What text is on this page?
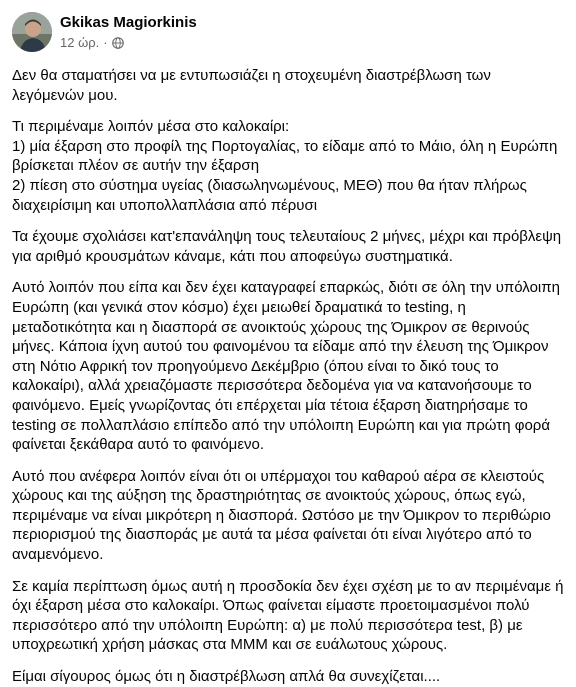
Gkikas Magiorkinis
12 ώρ. ·

Δεν θα σταματήσει να με εντυπωσιάζει η στοχευμένη διαστρέβλωση των λεγόμενών μου.

Τι περιμέναμε λοιπόν μέσα στο καλοκαίρι:
1) μία έξαρση στο προφίλ της Πορτογαλίας, το είδαμε από το Μάιο, όλη η Ευρώπη βρίσκεται πλέον σε αυτήν την έξαρση
2) πίεση στο σύστημα υγείας (διασωληνωμένους, ΜΕΘ) που θα ήταν πλήρως διαχειρίσιμη και υποπολλαπλάσια από πέρυσι

Τα έχουμε σχολιάσει κατ'επανάληψη τους τελευταίους 2 μήνες, μέχρι και πρόβλεψη για αριθμό κρουσμάτων κάναμε, κάτι που αποφεύγω συστηματικά.

Αυτό λοιπόν που είπα και δεν έχει καταγραφεί επαρκώς, διότι σε όλη την υπόλοιπη Ευρώπη (και γενικά στον κόσμο) έχει μειωθεί δραματικά το testing, η μεταδοτικότητα και η διασπορά σε ανοικτούς χώρους της Όμικρον σε θερινούς μήνες. Κάποια ίχνη αυτού του φαινομένου τα είδαμε από την έλευση της Όμικρον στη Νότιο Αφρική τον προηγούμενο Δεκέμβριο (όπου είναι το δικό τους το καλοκαίρι), αλλά χρειαζόμαστε περισσότερα δεδομένα για να κατανοήσουμε το φαινόμενο. Εμείς γνωρίζοντας ότι επέρχεται μία τέτοια έξαρση διατηρήσαμε το testing σε πολλαπλάσιο επίπεδο από την υπόλοιπη Ευρώπη και για πρώτη φορά φαίνεται ξεκάθαρα αυτό το φαινόμενο.

Αυτό που ανέφερα λοιπόν είναι ότι οι υπέρμαχοι του καθαρού αέρα σε κλειστούς χώρους και της αύξηση της δραστηριότητας σε ανοικτούς χώρους, όπως εγώ, περιμέναμε να είναι μικρότερη η διασπορά. Ωστόσο με την Όμικρον το περιθώριο περιορισμού της διασποράς με αυτά τα μέσα φαίνεται ότι είναι λιγότερο από το αναμενόμενο.

Σε καμία περίπτωση όμως αυτή η προσδοκία δεν έχει σχέση με το αν περιμέναμε ή όχι έξαρση μέσα στο καλοκαίρι. Όπως φαίνεται είμαστε προετοιμασμένοι πολύ περισσότερο από την υπόλοιπη Ευρώπη: α) με πολύ περισσότερα test, β) με υποχρεωτική χρήση μάσκας στα ΜΜΜ και σε ευάλωτους χώρους.

Είμαι σίγουρος όμως ότι η διαστρέβλωση απλά θα συνεχίζεται....
